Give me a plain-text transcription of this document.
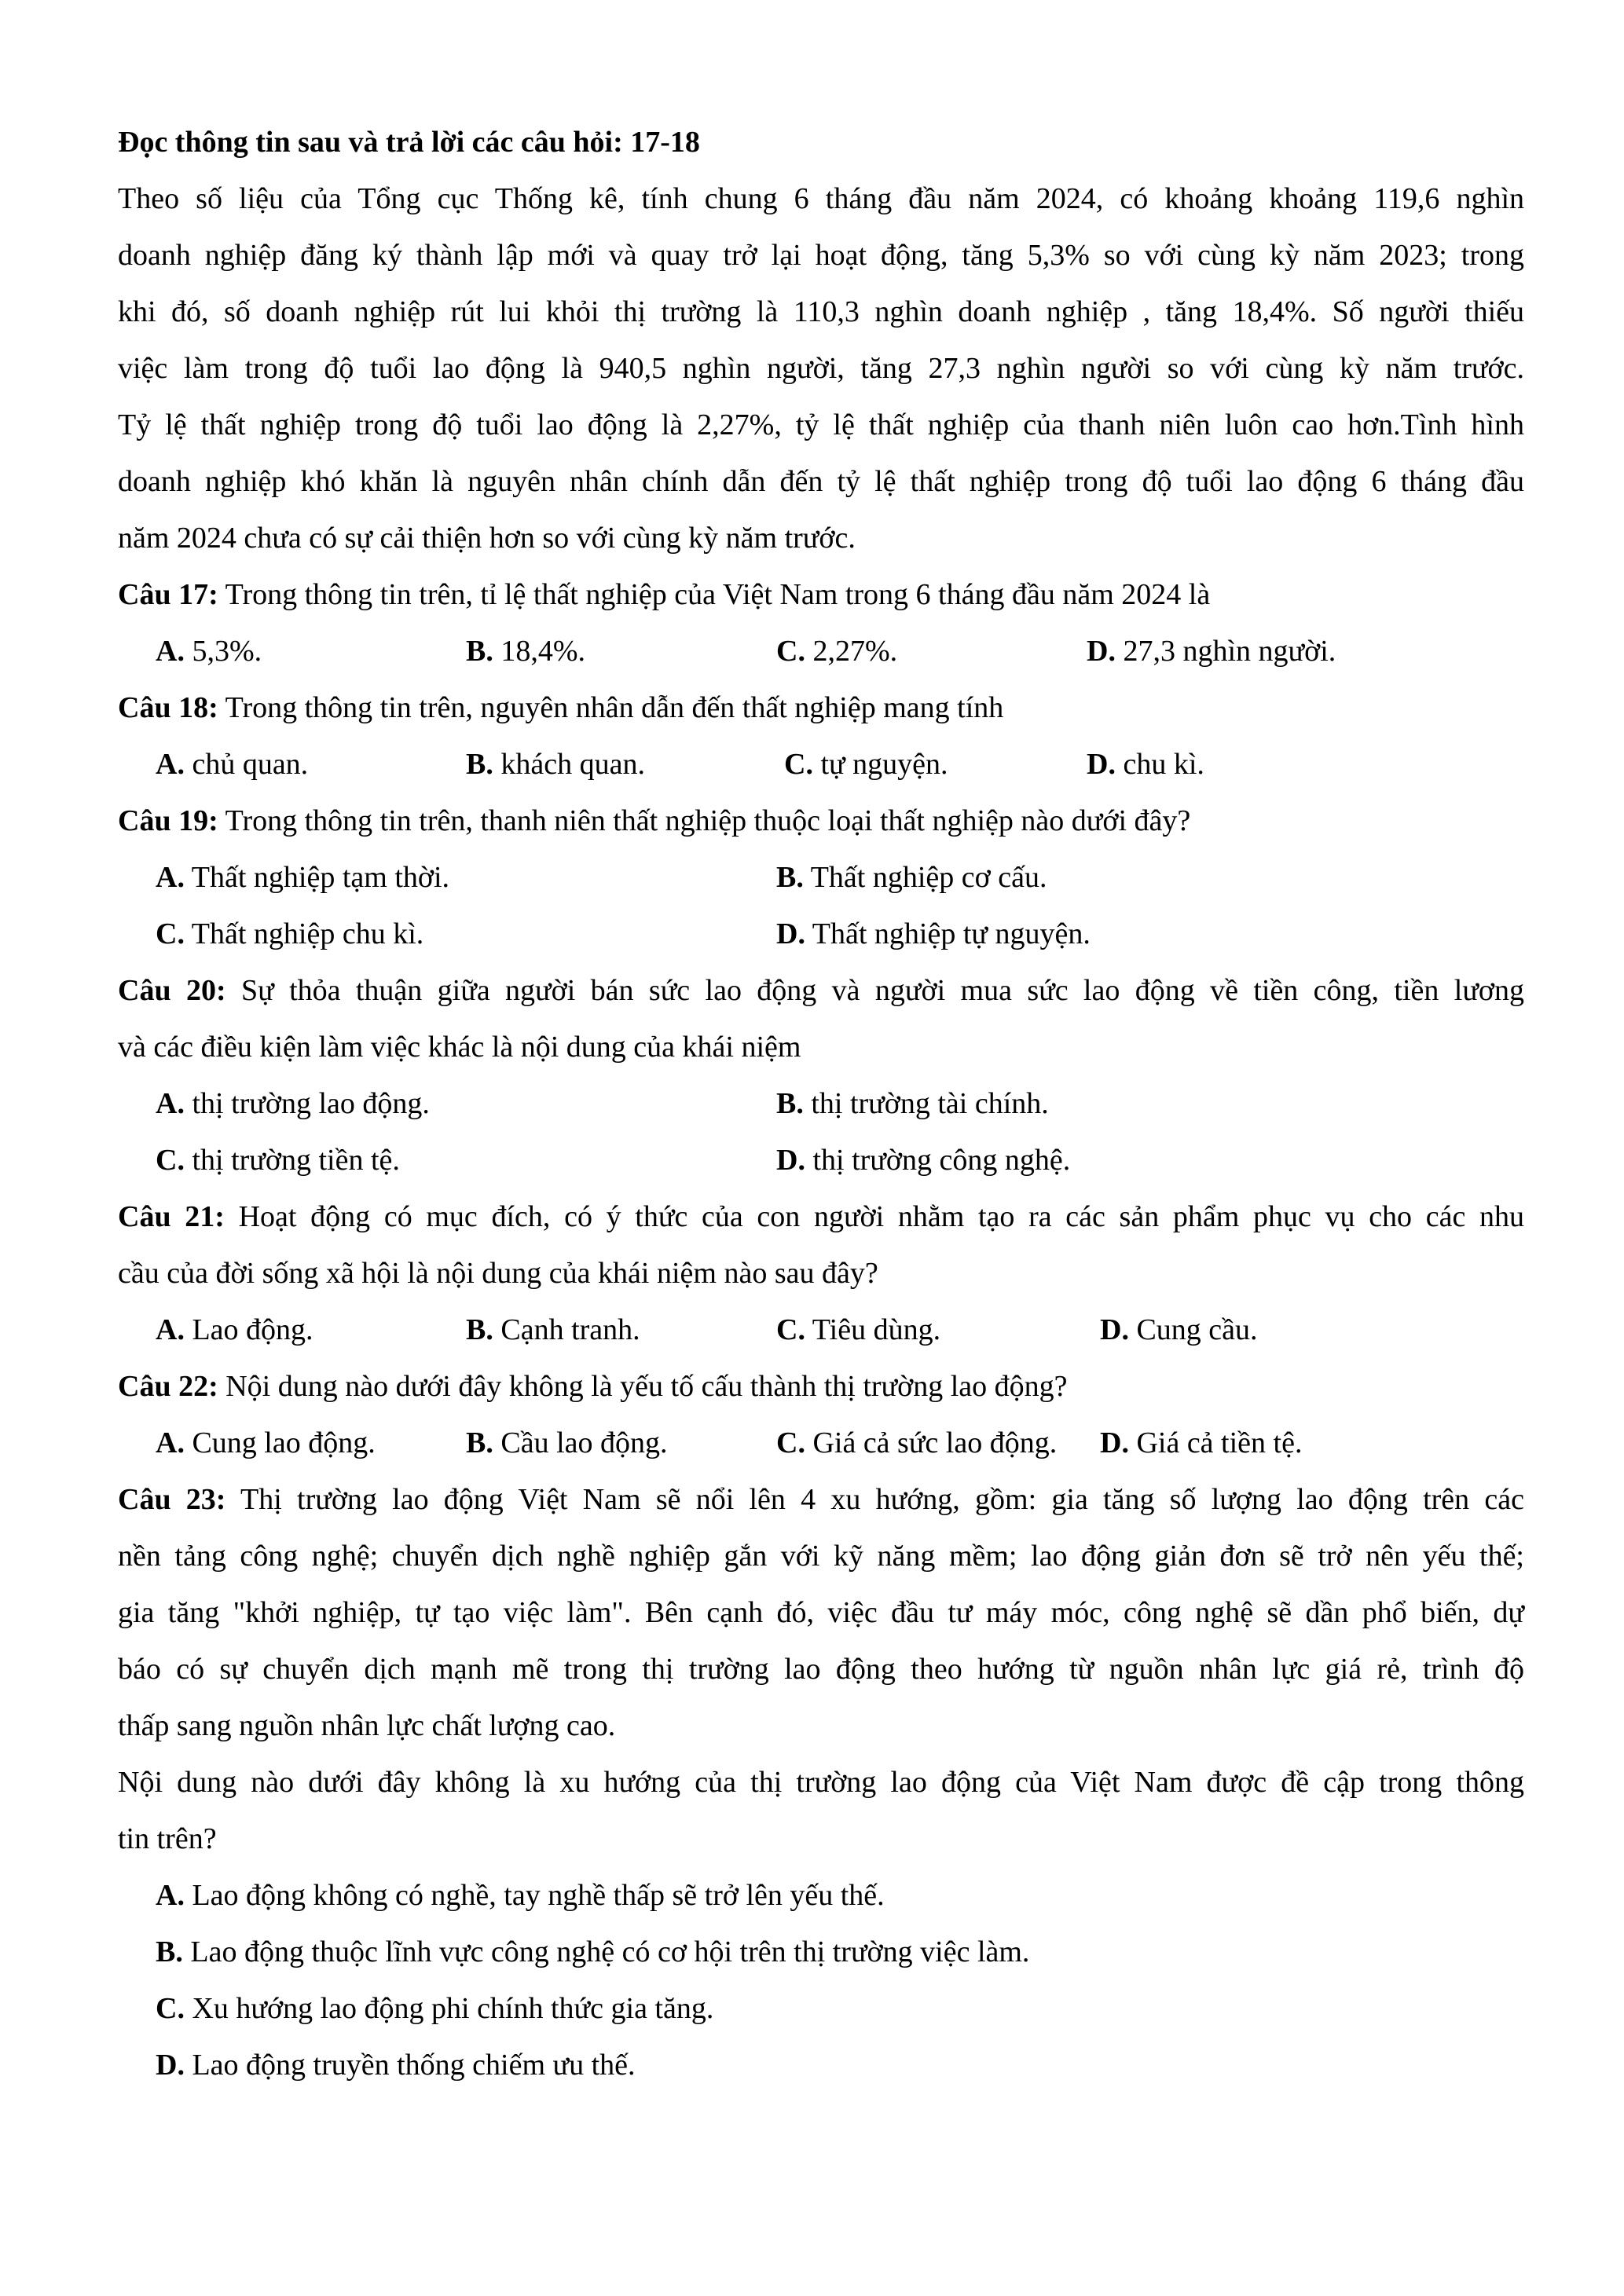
Đọc thông tin sau và trả lời các câu hỏi: 17-18
Theo số liệu của Tổng cục Thống kê, tính chung 6 tháng đầu năm 2024, có khoảng khoảng 119,6 nghìn
doanh nghiệp đăng ký thành lập mới và quay trở lại hoạt động, tăng 5,3% so với cùng kỳ năm 2023; trong
khi đó, số doanh nghiệp rút lui khỏi thị trường là 110,3 nghìn doanh nghiệp , tăng 18,4%. Số người thiếu
việc làm trong độ tuổi lao động là 940,5 nghìn người, tăng 27,3 nghìn người so với cùng kỳ năm trước.
Tỷ lệ thất nghiệp trong độ tuổi lao động là 2,27%, tỷ lệ thất nghiệp của thanh niên luôn cao hơn.Tình hình
doanh nghiệp khó khăn là nguyên nhân chính dẫn đến tỷ lệ thất nghiệp trong độ tuổi lao động 6 tháng đầu
năm 2024 chưa có sự cải thiện hơn so với cùng kỳ năm trước.
Câu 17: Trong thông tin trên, tỉ lệ thất nghiệp của Việt Nam trong 6 tháng đầu năm 2024 là
A. 5,3%.	B. 18,4%.	C. 2,27%.	D. 27,3 nghìn người.
Câu 18: Trong thông tin trên, nguyên nhân dẫn đến thất nghiệp mang tính
A. chủ quan.	B. khách quan.	C. tự nguyện.	D. chu kì.
Câu 19: Trong thông tin trên, thanh niên thất nghiệp thuộc loại thất nghiệp nào dưới đây?
A. Thất nghiệp tạm thời.	B. Thất nghiệp cơ cấu.
C. Thất nghiệp chu kì.	D. Thất nghiệp tự nguyện.
Câu 20: Sự thỏa thuận giữa người bán sức lao động và người mua sức lao động về tiền công, tiền lương
và các điều kiện làm việc khác là nội dung của khái niệm
A. thị trường lao động.	B. thị trường tài chính.
C. thị trường tiền tệ.	D. thị trường công nghệ.
Câu 21: Hoạt động có mục đích, có ý thức của con người nhằm tạo ra các sản phẩm phục vụ cho các nhu
cầu của đời sống xã hội là nội dung của khái niệm nào sau đây?
A. Lao động.	B. Cạnh tranh.	C. Tiêu dùng.	D. Cung cầu.
Câu 22: Nội dung nào dưới đây không là yếu tố cấu thành thị trường lao động?
A. Cung lao động.	B. Cầu lao động.	C. Giá cả sức lao động. D. Giá cả tiền tệ.
Câu 23: Thị trường lao động Việt Nam sẽ nổi lên 4 xu hướng, gồm: gia tăng số lượng lao động trên các
nền tảng công nghệ; chuyển dịch nghề nghiệp gắn với kỹ năng mềm; lao động giản đơn sẽ trở nên yếu thế;
gia tăng "khởi nghiệp, tự tạo việc làm". Bên cạnh đó, việc đầu tư máy móc, công nghệ sẽ dần phổ biến, dự
báo có sự chuyển dịch mạnh mẽ trong thị trường lao động theo hướng từ nguồn nhân lực giá rẻ, trình độ
thấp sang nguồn nhân lực chất lượng cao.
Nội dung nào dưới đây không là xu hướng của thị trường lao động của Việt Nam được đề cập trong thông
tin trên?
A. Lao động không có nghề, tay nghề thấp sẽ trở lên yếu thế.
B. Lao động thuộc lĩnh vực công nghệ có cơ hội trên thị trường việc làm.
C. Xu hướng lao động phi chính thức gia tăng.
D. Lao động truyền thống chiếm ưu thế.
